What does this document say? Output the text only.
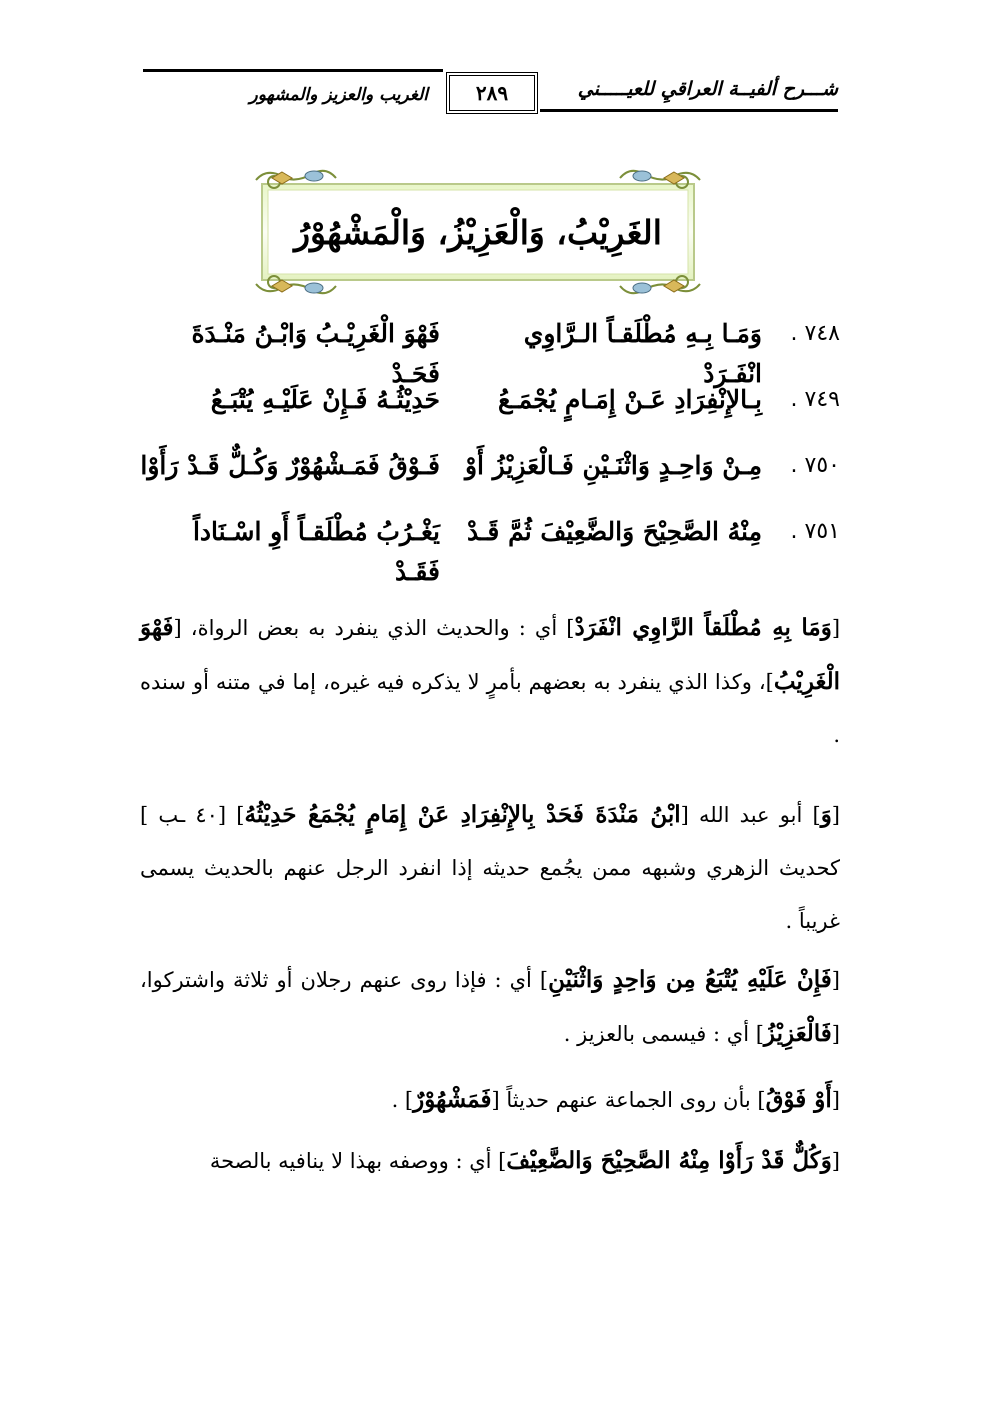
شـــرح ألفيــة العراقيِ للعيـــــني
٢٨٩
الغريب والعزيز والمشهور
الغَرِيْبُ، وَالْعَزِيْزُ، وَالْمَشْهُوْرُ
٧٤٨ .
وَمَـا بِـهِ مُطْلَقـاً الـرَّاوِي انْفَـرَدْ
فَهْوَ الْغَرِيْـبُ وَابْـنُ مَنْـدَةَ فَحَـدْ
٧٤٩ .
بِـالإِنْفِرَادِ عَـنْ إِمَـامٍ يُجْمَـعُ
حَدِيْثُـهُ فَـإِنْ عَلَيْـهِ يُتْبَـعُ
٧٥٠ .
مِـنْ وَاحِـدٍ وَاثْنَـيْنِ فَـالْعَزِيْزُ أَوْ
فَـوْقُ فَمَـشْهُوْرٌ وَكُـلٌّ قَـدْ رَأَوْا
٧٥١ .
مِنْهُ الصَّحِيْحَ وَالضَّعِيْفَ ثُمَّ قَـدْ
يَغْـرُبُ مُطْلَقـاً أَوِ اسْـنَاداً فَقَـدْ

[وَمَا بِهِ مُطْلَقاً الرَّاوِي انْفَرَدْ] أي : والحديث الذي ينفرد به بعض الرواة، [فَهْوَ الْغَرِيْبُ]، وكذا الذي ينفرد به بعضهم بأمرٍ لا يذكره فيه غيره، إما في متنه أو سنده .

[وَ] أبو عبد الله [ابْنُ مَنْدَةَ فَحَدْ بِالإِنْفِرَادِ عَنْ إِمَامٍ يُجْمَعُ حَدِيْثُهُ] [٤٠ ـب ] كحديث الزهري وشبهه ممن يجُمع حديثه إذا انفرد الرجل عنهم بالحديث يسمى غريباً .

[فَإِنْ عَلَيْهِ يُتْبَعُ مِن وَاحِدٍ وَاثْنَيْنِ] أي : فإذا روى عنهم رجلان أو ثلاثة واشتركوا، [فَالْعَزِيْزُ] أي : فيسمى بالعزيز .

[أَوْ فَوْقُ] بأن روى الجماعة عنهم حديثاً [فَمَشْهُوْرٌ] .

[وَكُلٌّ قَدْ رَأَوْا مِنْهُ الصَّحِيْحَ وَالضَّعِيْفَ] أي : ووصفه بهذا لا ينافيه بالصحة
